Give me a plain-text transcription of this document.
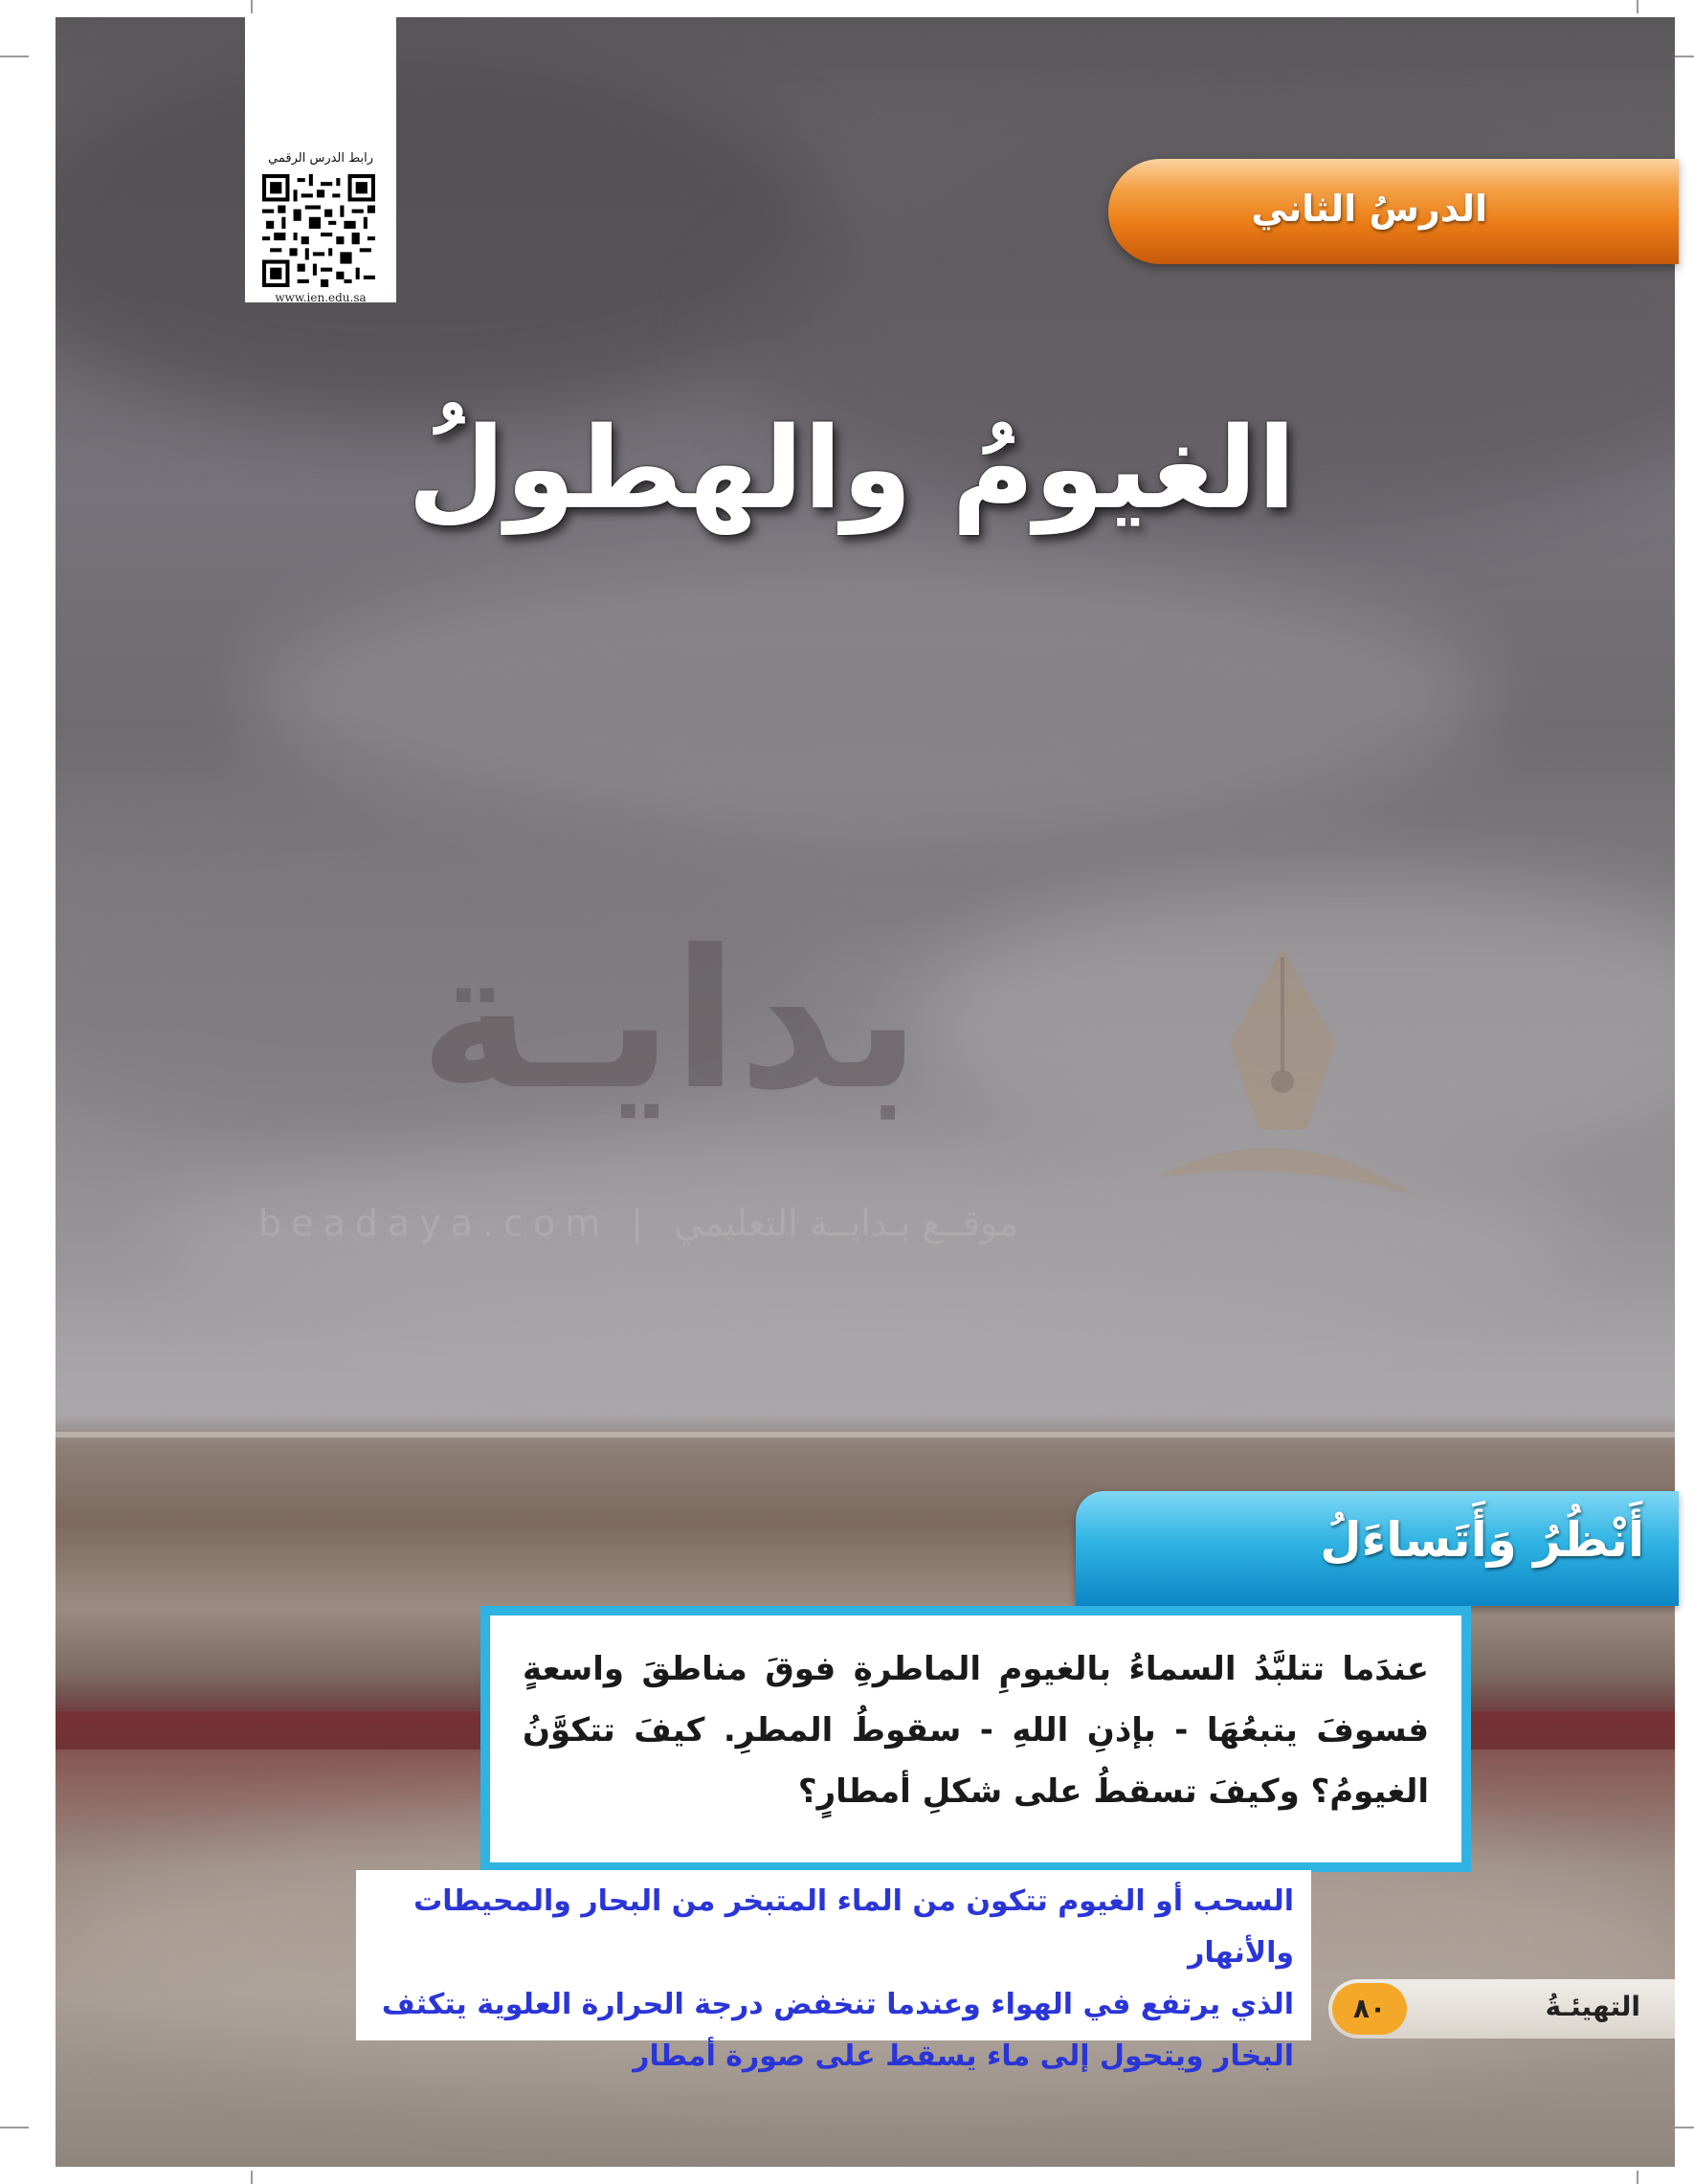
رابط الدرس الرقمي
www.ien.edu.sa
الدرسُ الثاني
الغيومُ والهطولُ
بدايـة
beadaya.com | موقــع بـدايــة التعليمي
أَنْظُرُ وَأَتَساءَلُ
عندَما تتلبَّدُ السماءُ بالغيومِ الماطرةِ فوقَ مناطقَ واسعةٍ فسوفَ يتبعُهَا - بإذنِ اللهِ - سقوطُ المطرِ. كيفَ تتكوَّنُ الغيومُ؟ وكيفَ تسقطُ على شكلِ أمطارٍ؟
السحب أو الغيوم تتكون من الماء المتبخر من البحار والمحيطات والأنهار
الذي يرتفع في الهواء وعندما تنخفض درجة الحرارة العلوية يتكثف
البخار ويتحول إلى ماء يسقط على صورة أمطار
٨٠	التهيئـةُ
